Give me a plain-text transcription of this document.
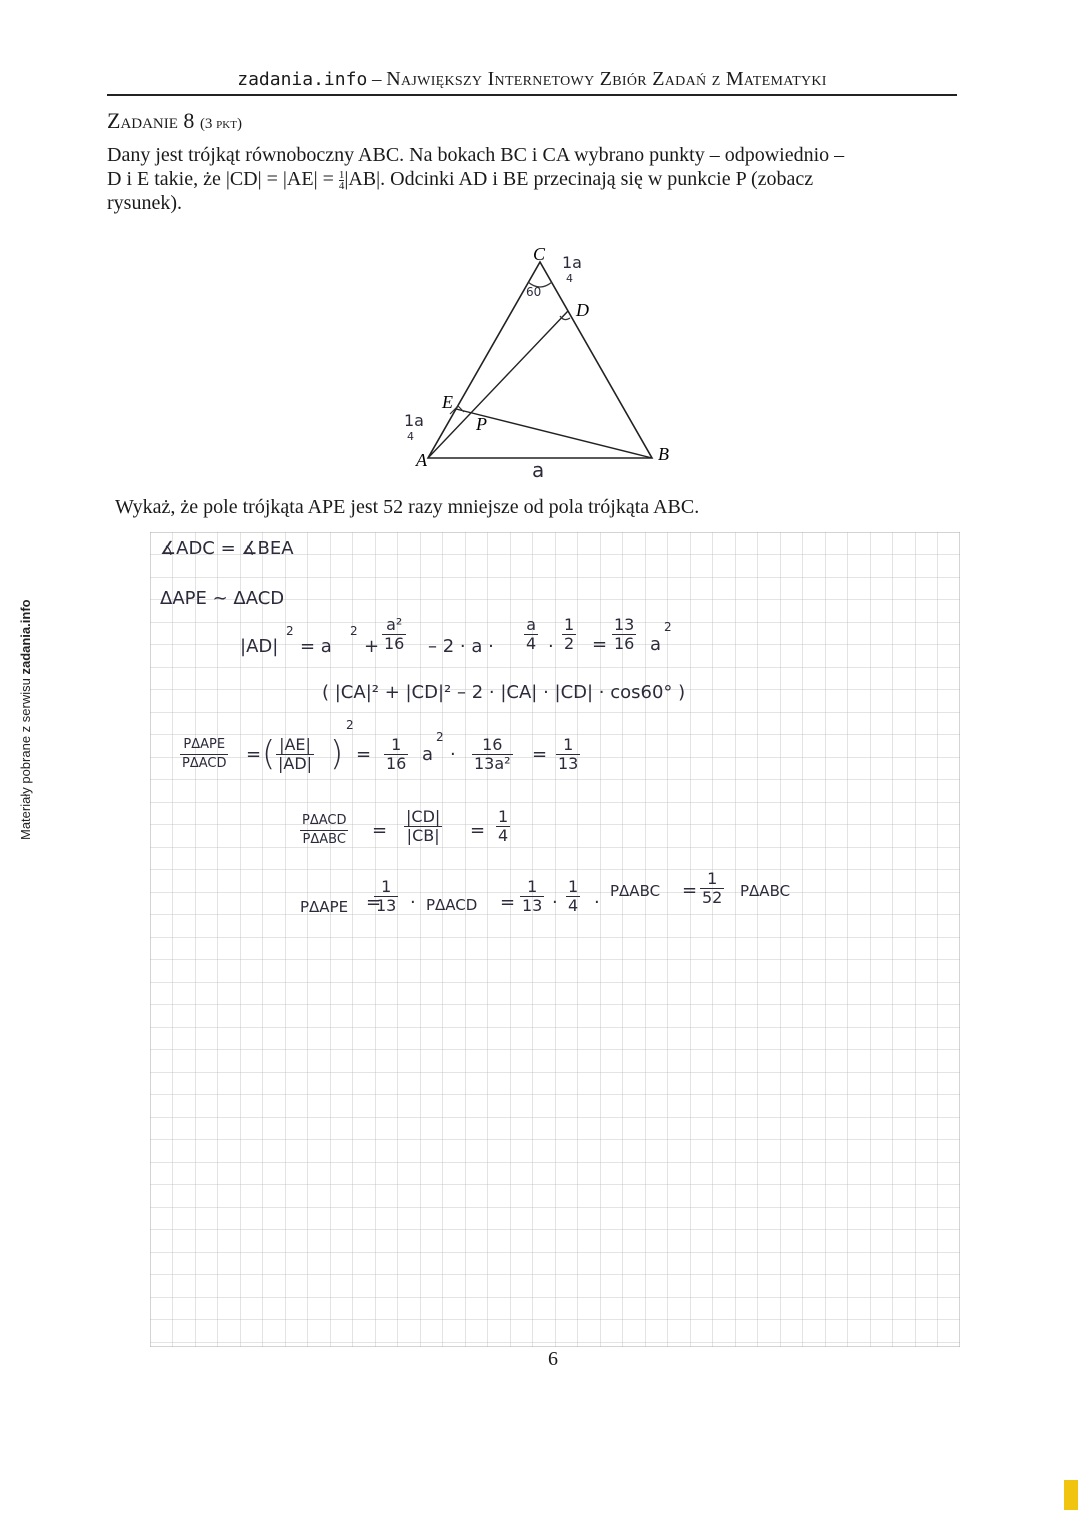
zadania.info – Największy Internetowy Zbiór Zadań z Matematyki
Zadanie 8 (3 pkt)
Dany jest trójkąt równoboczny ABC. Na bokach BC i CA wybrano punkty – odpowiednio –
D i E takie, że $|CD| = |AE| = \frac{1}{4} |AB|$. Odcinki AD i BE przecinają się w punkcie P (zobacz
rysunek).
C
D
E
P
A	B
a
1a
4
1a
4
60
Wykaż, że pole trójkąta APE jest 52 razy mniejsze od pola trójkąta ABC.
∡ADC = ∡BEA
ΔAPE ~ ΔACD
|AD|
2
= a
2
+
a²
16 – 2 · a ·
a
4 ·
1
2 =
13
16 a
2
( |CA|² + |CD|² – 2 · |CA| · |CD| · cos60° )
PΔAPE
PΔACD = ( |AE|
|AD| )
2
=	1
16 a
2
·	16
13a² = 1
13
PΔACD
PΔABC =
|CD|
|CB| =
1
4
PΔAPE =
1
13 · PΔACD =
1
13 ·
1
4 ·
PΔABC =
1
52 PΔABC
Materiały pobrane z serwisu zadania.info
6
